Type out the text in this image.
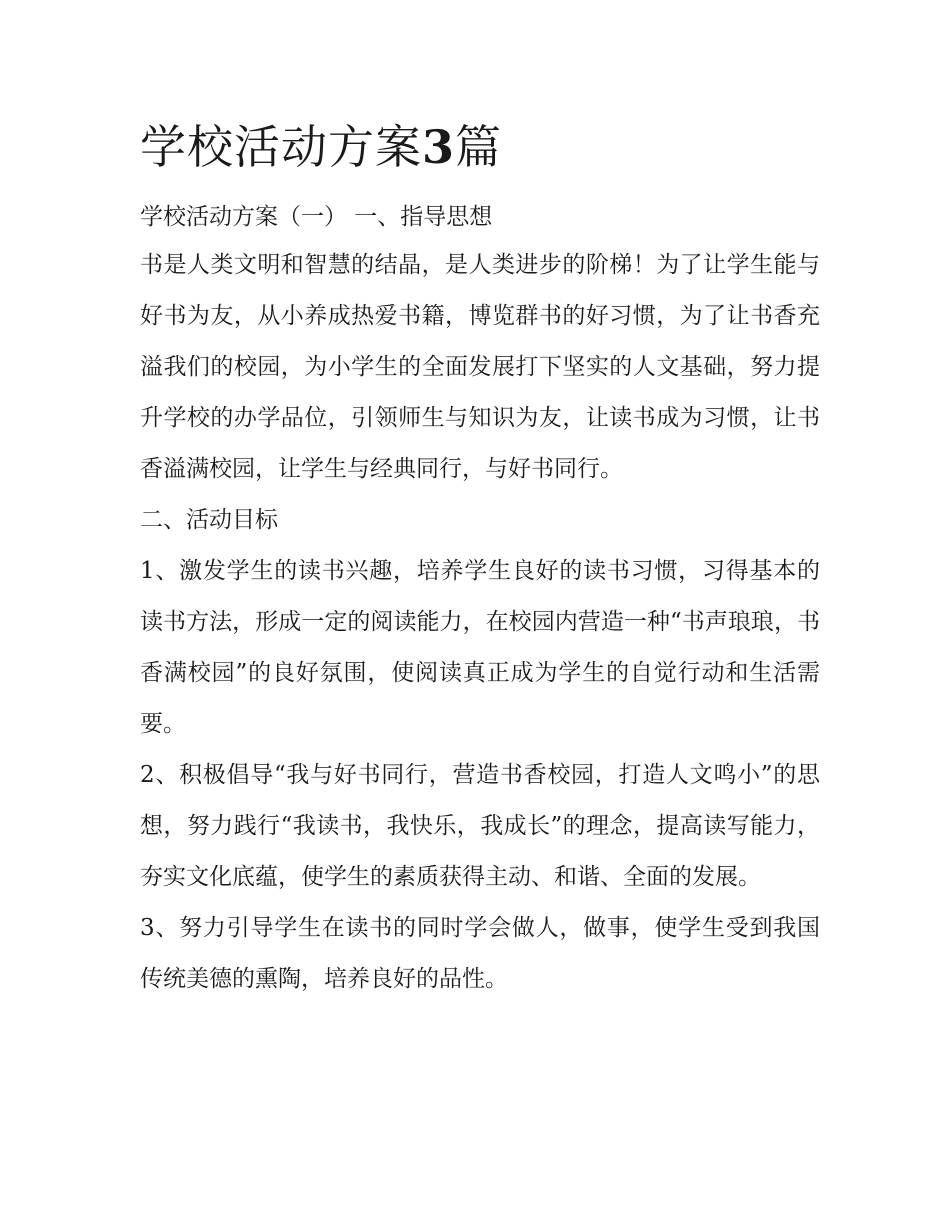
学校活动方案3篇

学校活动方案（一） 一、指导思想

书是人类文明和智慧的结晶，是人类进步的阶梯！为了让学生能与好书为友，从小养成热爱书籍，博览群书的好习惯，为了让书香充溢我们的校园，为小学生的全面发展打下坚实的人文基础，努力提升学校的办学品位，引领师生与知识为友，让读书成为习惯，让书香溢满校园，让学生与经典同行，与好书同行。

二、活动目标

1、激发学生的读书兴趣，培养学生良好的读书习惯，习得基本的读书方法，形成一定的阅读能力，在校园内营造一种“书声琅琅，书香满校园”的良好氛围，使阅读真正成为学生的自觉行动和生活需要。

2、积极倡导“我与好书同行，营造书香校园，打造人文鸣小”的思想，努力践行“我读书，我快乐，我成长”的理念，提高读写能力，夯实文化底蕴，使学生的素质获得主动、和谐、全面的发展。

3、努力引导学生在读书的同时学会做人，做事，使学生受到我国传统美德的熏陶，培养良好的品性。
